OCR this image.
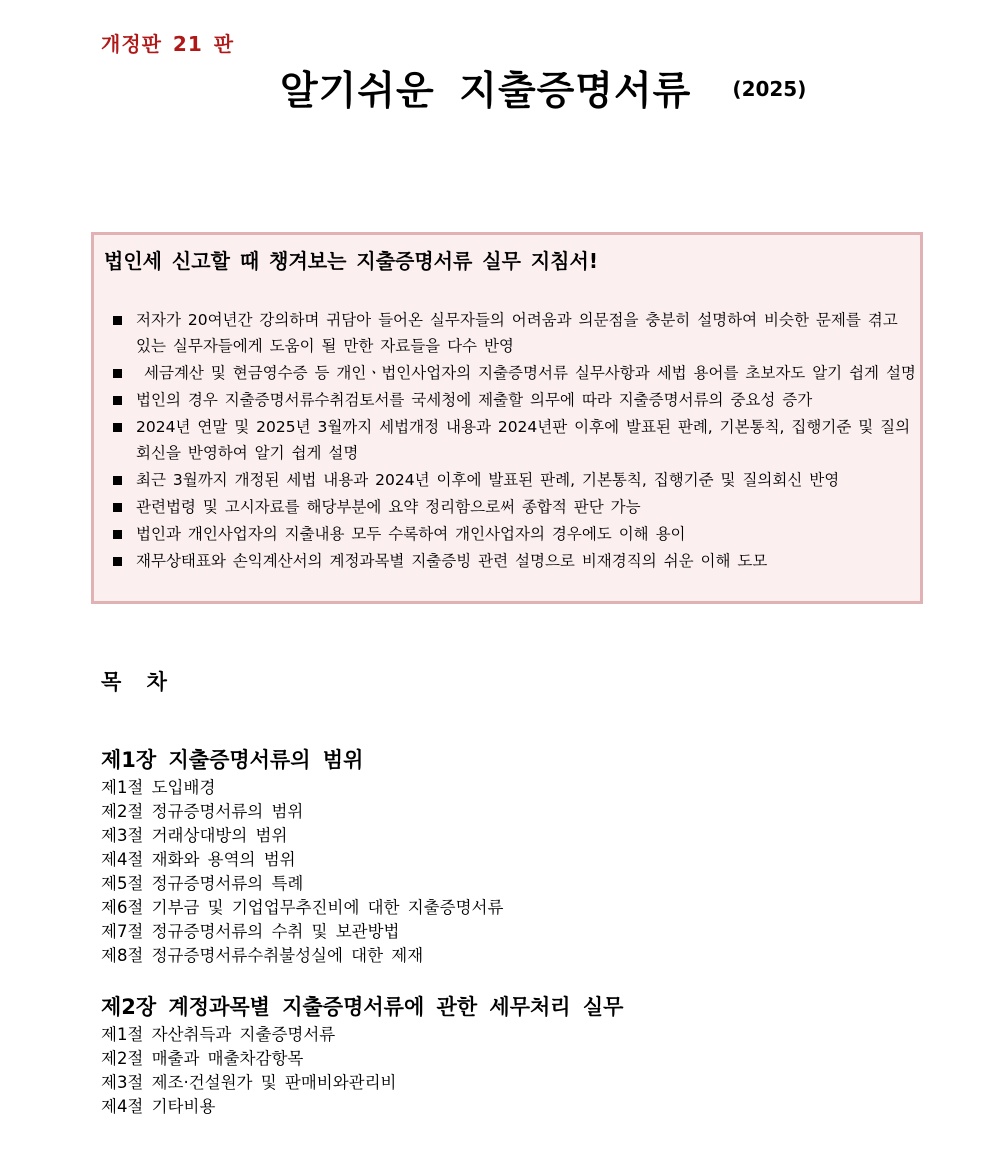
개정판 21 판
알기쉬운 지출증명서류 (2025)
법인세 신고할 때 챙겨보는 지출증명서류 실무 지침서!
저자가 20여년간 강의하며 귀담아 들어온 실무자들의 어려움과 의문점을 충분히 설명하여 비슷한 문제를 겪고 있는 실무자들에게 도움이 될 만한 자료들을 다수 반영
세금계산 및 현금영수증 등 개인ㆍ법인사업자의 지출증명서류 실무사항과 세법 용어를 초보자도 알기 쉽게 설명
법인의 경우 지출증명서류수취검토서를 국세청에 제출할 의무에 따라 지출증명서류의 중요성 증가
2024년 연말 및 2025년 3월까지 세법개정 내용과 2024년판 이후에 발표된 판례, 기본통칙, 집행기준 및 질의회신을 반영하여 알기 쉽게 설명
최근 3월까지 개정된 세법 내용과 2024년 이후에 발표된 판례, 기본통칙, 집행기준 및 질의회신 반영
관련법령 및 고시자료를 해당부분에 요약 정리함으로써 종합적 판단 가능
법인과 개인사업자의 지출내용 모두 수록하여 개인사업자의 경우에도 이해 용이
재무상태표와 손익계산서의 계정과목별 지출증빙 관련 설명으로 비재경직의 쉬운 이해 도모
목 차
제1장 지출증명서류의 범위
제1절 도입배경
제2절 정규증명서류의 범위
제3절 거래상대방의 범위
제4절 재화와 용역의 범위
제5절 정규증명서류의 특례
제6절 기부금 및 기업업무추진비에 대한 지출증명서류
제7절 정규증명서류의 수취 및 보관방법
제8절 정규증명서류수취불성실에 대한 제재
제2장 계정과목별 지출증명서류에 관한 세무처리 실무
제1절 자산취득과 지출증명서류
제2절 매출과 매출차감항목
제3절 제조·건설원가 및 판매비와관리비
제4절 기타비용
